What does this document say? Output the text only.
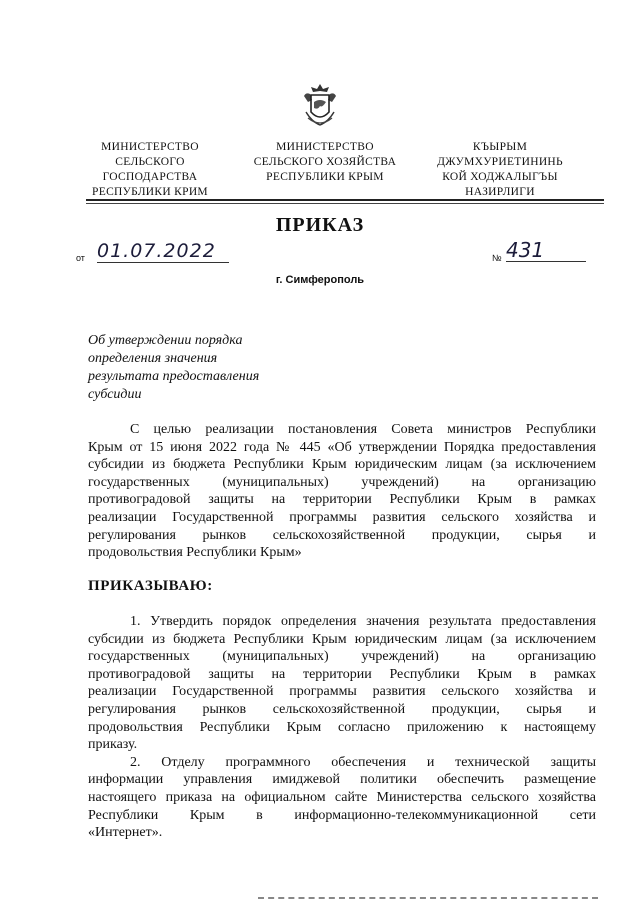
МИНИСТЕРСТВО
СЕЛЬСКОГО
ГОСПОДАРСТВА
РЕСПУБЛИКИ КРИМ
МИНИСТЕРСТВО
СЕЛЬСКОГО ХОЗЯЙСТВА
РЕСПУБЛИКИ КРЫМ
КЪЫРЫМ
ДЖУМХУРИЕТИНИНЬ
КОЙ ХОДЖАЛЫГЪЫ
НАЗИРЛИГИ
ПРИКАЗ
от 01.07.2022	№ 431
г. Симферополь
Об утверждении порядка
определения значения
результата предоставления
субсидии
С целью реализации постановления Совета министров Республики
Крым от 15 июня 2022 года № 445 «Об утверждении Порядка предоставления
субсидии из бюджета Республики Крым юридическим лицам (за исключением
государственных (муниципальных) учреждений) на организацию
противоградовой защиты на территории Республики Крым в рамках
реализации Государственной программы развития сельского хозяйства и
регулирования рынков сельскохозяйственной продукции, сырья и
продовольствия Республики Крым»
ПРИКАЗЫВАЮ:
1. Утвердить порядок определения значения результата предоставления
субсидии из бюджета Республики Крым юридическим лицам (за исключением
государственных (муниципальных) учреждений) на организацию
противоградовой защиты на территории Республики Крым в рамках
реализации Государственной программы развития сельского хозяйства и
регулирования рынков сельскохозяйственной продукции, сырья и
продовольствия Республики Крым согласно приложению к настоящему
приказу.
2. Отделу программного обеспечения и технической защиты
информации управления имиджевой политики обеспечить размещение
настоящего приказа на официальном сайте Министерства сельского хозяйства
Республики Крым в информационно-телекоммуникационной сети
«Интернет».
